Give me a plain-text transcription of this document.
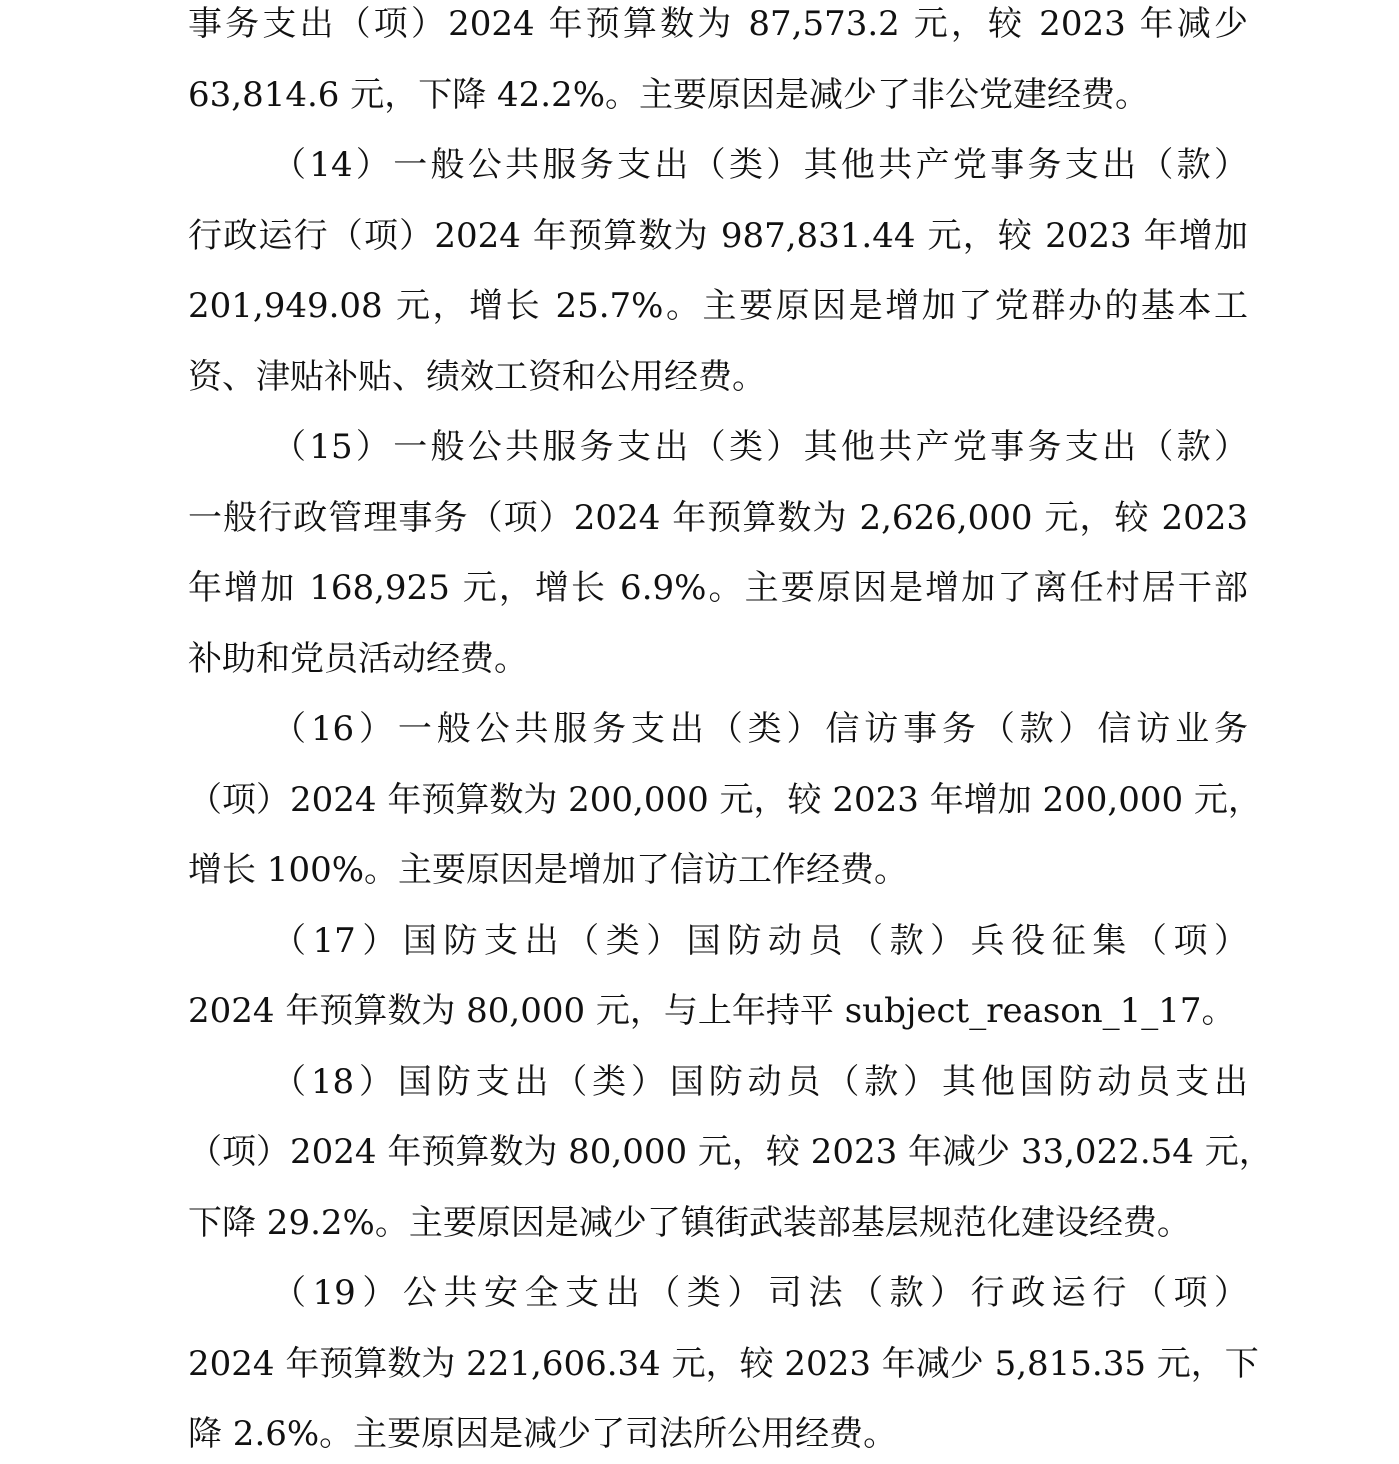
事务支出（项）2024 年预算数为 87,573.2 元，较 2023 年减少
63,814.6 元，下降 42.2%。主要原因是减少了非公党建经费。
（14）一般公共服务支出（类）其他共产党事务支出（款）
行政运行（项）2024 年预算数为 987,831.44 元，较 2023 年增加
201,949.08 元，增长 25.7%。主要原因是增加了党群办的基本工
资、津贴补贴、绩效工资和公用经费。
（15）一般公共服务支出（类）其他共产党事务支出（款）
一般行政管理事务（项）2024 年预算数为 2,626,000 元，较 2023
年增加 168,925 元，增长 6.9%。主要原因是增加了离任村居干部
补助和党员活动经费。
（16）一般公共服务支出（类）信访事务（款）信访业务
（项）2024 年预算数为 200,000 元，较 2023 年增加 200,000 元，
增长 100%。主要原因是增加了信访工作经费。
（17）国防支出（类）国防动员（款）兵役征集（项）
2024 年预算数为 80,000 元，与上年持平 subject_reason_1_17。
（18）国防支出（类）国防动员（款）其他国防动员支出
（项）2024 年预算数为 80,000 元，较 2023 年减少 33,022.54 元，
下降 29.2%。主要原因是减少了镇街武装部基层规范化建设经费。
（19）公共安全支出（类）司法（款）行政运行（项）
2024 年预算数为 221,606.34 元，较 2023 年减少 5,815.35 元，下
降 2.6%。主要原因是减少了司法所公用经费。
